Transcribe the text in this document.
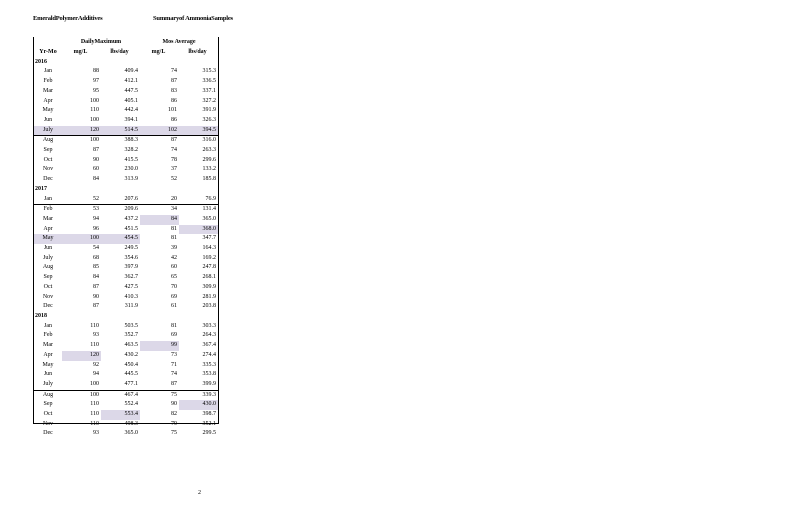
EmeraldPolymerAdditives	Summaryof AmmoniaSamples
	DailyMaximum		Mos Average	
Yr-Mo	mg/L	lbs/day	mg/L	lbs/day
2016				
Jan	88	409.4	74	315.3
Feb	97	412.1	87	336.5
Mar	95	447.5	83	337.1
Apr	100	405.1	86	327.2
May	110	442.4	101	391.9
Jun	100	394.1	86	326.3
July	120	514.5	102	394.5
Aug	100	388.3	87	316.0
Sep	87	328.2	74	263.3
Oct	90	415.5	78	299.6
Nov	60	230.0	37	133.2
Dec	84	313.9	52	185.8
2017				
Jan	52	207.6	20	76.9
Feb	53	209.6	34	131.4
Mar	94	437.2	84	365.0
Apr	96	451.5	81	368.0
May	100	454.5	81	347.7
Jun	54	249.5	39	164.3
July	68	354.6	42	169.2
Aug	85	397.9	60	247.8
Sep	84	362.7	65	268.1
Oct	87	427.5	70	309.9
Nov	90	410.3	69	281.9
Dec	87	311.9	61	203.8
2018				
Jan	110	503.5	81	303.3
Feb	93	352.7	69	264.3
Mar	110	463.5	99	367.4
Apr	120	430.2	73	274.4
May	92	450.4	71	335.3
Jun	94	445.5	74	353.8
July	100	477.1	87	399.9
Aug	100	467.4	75	339.3
Sep	110	552.4	90	430.0
Oct	110	553.4	82	398.7
Nov	110	498.3	79	352.1
Dec	93	365.0	75	299.5
2
